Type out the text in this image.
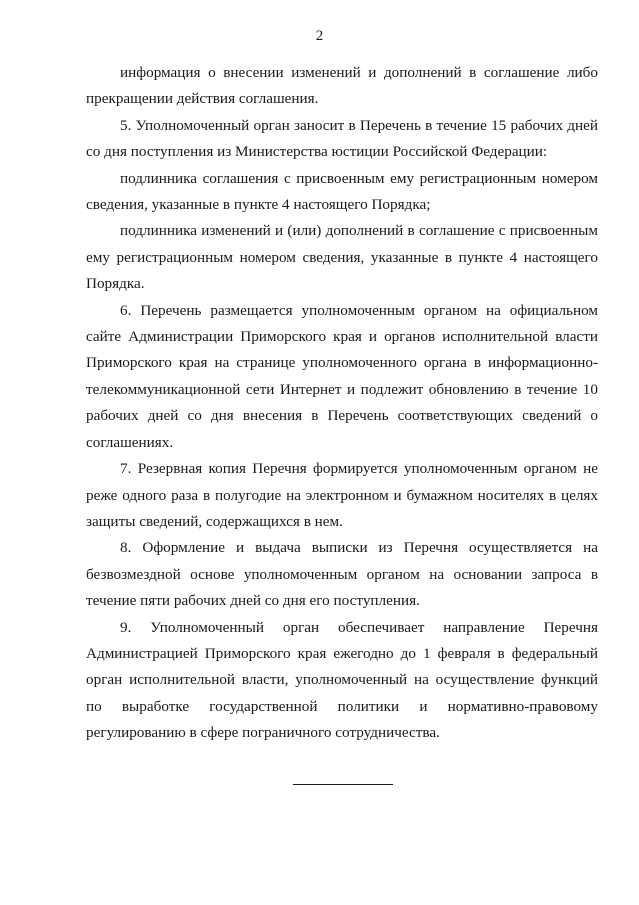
2

информация о внесении изменений и дополнений в соглашение либо прекращении действия соглашения.

5. Уполномоченный орган заносит в Перечень в течение 15 рабочих дней со дня поступления из Министерства юстиции Российской Федерации:

подлинника соглашения с присвоенным ему регистрационным номером сведения, указанные в пункте 4 настоящего Порядка;

подлинника изменений и (или) дополнений в соглашение с присвоенным ему регистрационным номером сведения, указанные в пункте 4 настоящего Порядка.

6. Перечень размещается уполномоченным органом на официальном сайте Администрации Приморского края и органов исполнительной власти Приморского края на странице уполномоченного органа в информационно-телекоммуникационной сети Интернет и подлежит обновлению в течение 10 рабочих дней со дня внесения в Перечень соответствующих сведений о соглашениях.

7. Резервная копия Перечня формируется уполномоченным органом не реже одного раза в полугодие на электронном и бумажном носителях в целях защиты сведений, содержащихся в нем.

8. Оформление и выдача выписки из Перечня осуществляется на безвозмездной основе уполномоченным органом на основании запроса в течение пяти рабочих дней со дня его поступления.

9. Уполномоченный орган обеспечивает направление Перечня Администрацией Приморского края ежегодно до 1 февраля в федеральный орган исполнительной власти, уполномоченный на осуществление функций по выработке государственной политики и нормативно-правовому регулированию в сфере пограничного сотрудничества.
